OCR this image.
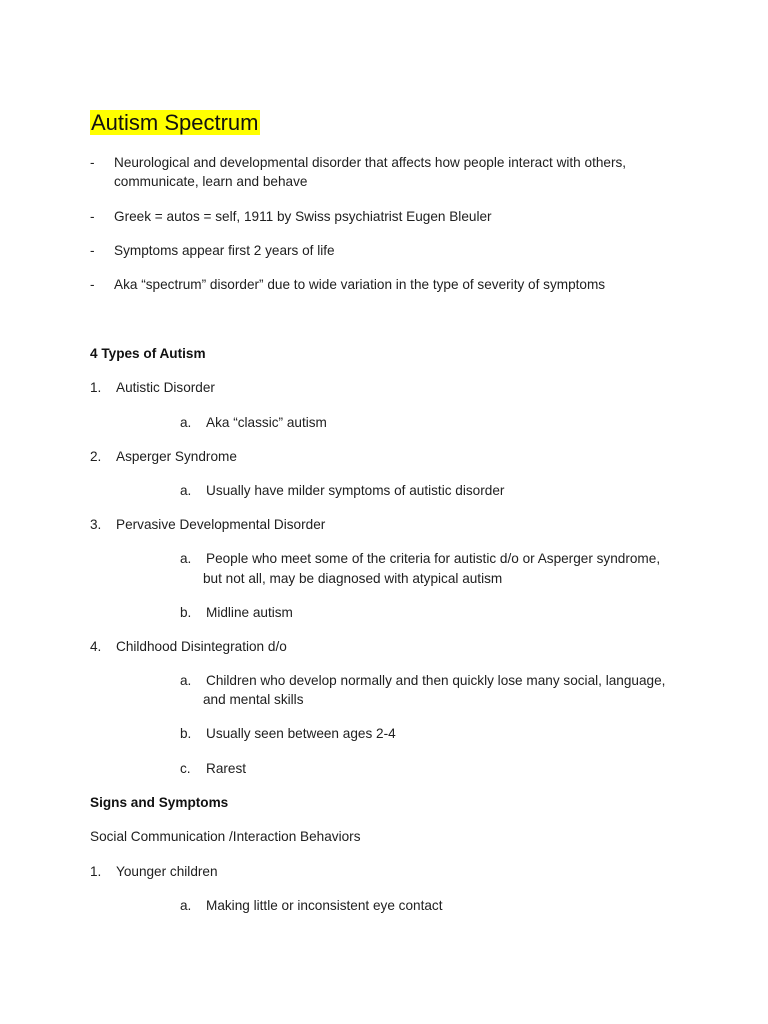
Autism Spectrum
- Neurological and developmental disorder that affects how people interact with others,
communicate, learn and behave
- Greek = autos = self, 1911 by Swiss psychiatrist Eugen Bleuler
- Symptoms appear first 2 years of life
- Aka “spectrum” disorder” due to wide variation in the type of severity of symptoms
4 Types of Autism
1. Autistic Disorder
a. Aka “classic” autism
2. Asperger Syndrome
a. Usually have milder symptoms of autistic disorder
3. Pervasive Developmental Disorder
a. People who meet some of the criteria for autistic d/o or Asperger syndrome,
but not all, may be diagnosed with atypical autism
b. Midline autism
4. Childhood Disintegration d/o
a. Children who develop normally and then quickly lose many social, language,
and mental skills
b. Usually seen between ages 2-4
c. Rarest
Signs and Symptoms
Social Communication /Interaction Behaviors
1. Younger children
a. Making little or inconsistent eye contact
